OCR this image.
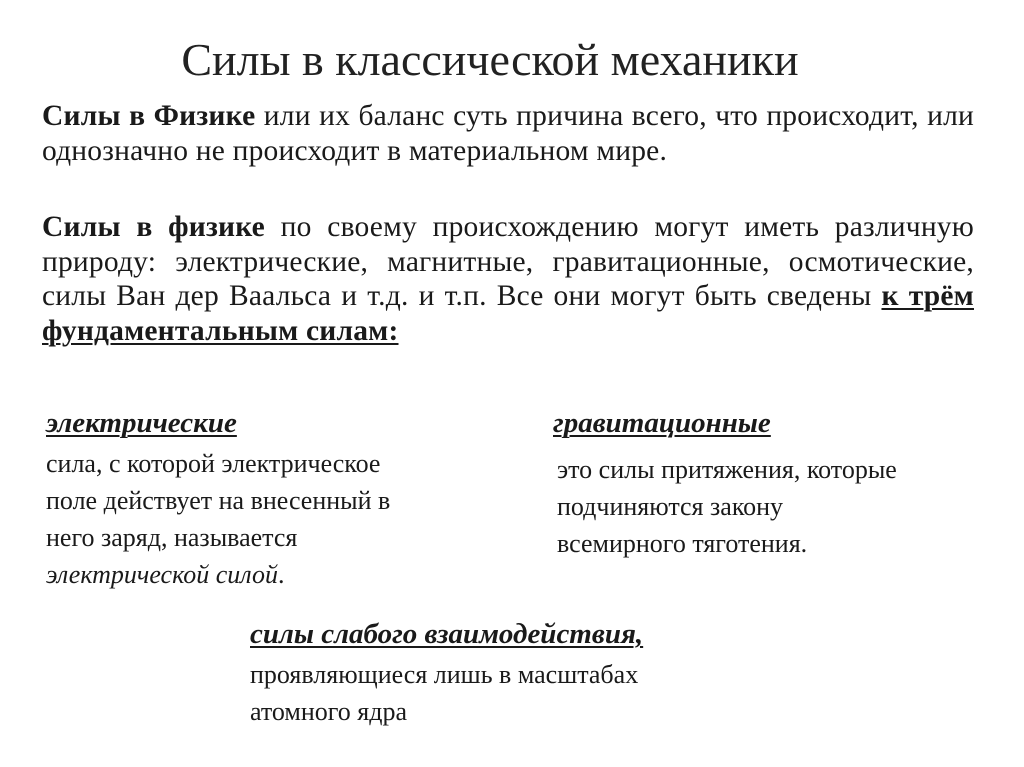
Силы в классической механики

Силы в Физике или их баланс суть причина всего, что происходит, или однозначно не происходит в материальном мире.

Силы в физике по своему происхождению могут иметь различную природу: электрические, магнитные, гравитационные, осмотические, силы Ван дер Ваальса и т.д. и т.п. Все они могут быть сведены к трём фундаментальным силам:

электрические
сила, с которой электрическое
поле действует на внесенный в
него заряд, называется
электрической силой.
гравитационные
это силы притяжения, которые
подчиняются закону
всемирного тяготения.
силы слабого взаимодействия,
проявляющиеся лишь в масштабах
атомного ядра
